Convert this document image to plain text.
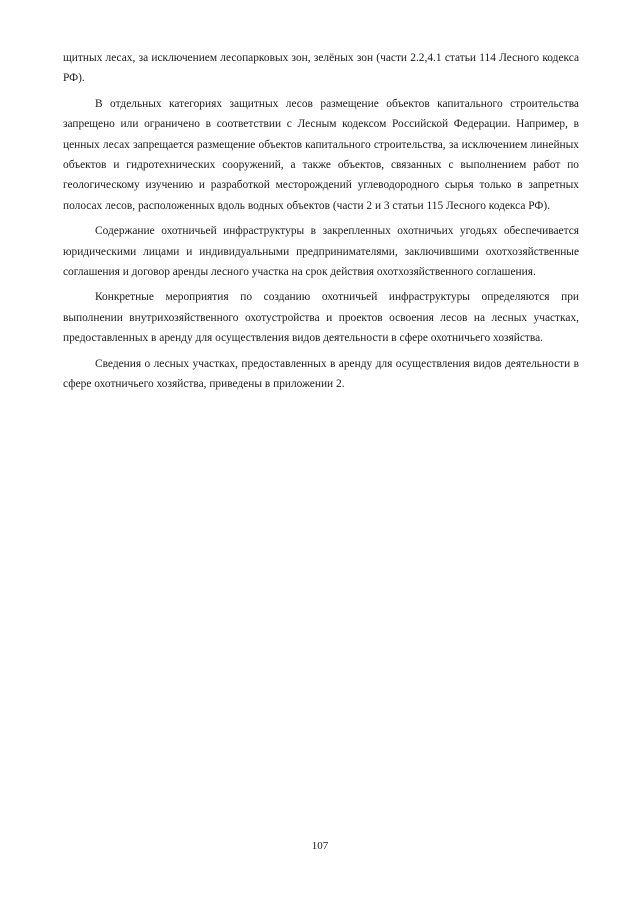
щитных лесах, за исключением лесопарковых зон, зелёных зон (части 2.2,4.1 статьи 114 Лесного кодекса РФ).

В отдельных категориях защитных лесов размещение объектов капитального строительства запрещено или ограничено в соответствии с Лесным кодексом Российской Федерации. Например, в ценных лесах запрещается размещение объектов капитального строительства, за исключением линейных объектов и гидротехнических сооружений, а также объектов, связанных с выполнением работ по геологическому изучению и разработкой месторождений углеводородного сырья только в запретных полосах лесов, расположенных вдоль водных объектов (части 2 и 3 статьи 115 Лесного кодекса РФ).

Содержание охотничьей инфраструктуры в закрепленных охотничьих угодьях обеспечивается юридическими лицами и индивидуальными предпринимателями, заключившими охотхозяйственные соглашения и договор аренды лесного участка на срок действия охотхозяйственного соглашения.

Конкретные мероприятия по созданию охотничьей инфраструктуры определяются при выполнении внутрихозяйственного охотустройства и проектов освоения лесов на лесных участках, предоставленных в аренду для осуществления видов деятельности в сфере охотничьего хозяйства.

Сведения о лесных участках, предоставленных в аренду для осуществления видов деятельности в сфере охотничьего хозяйства, приведены в приложении 2.

107
